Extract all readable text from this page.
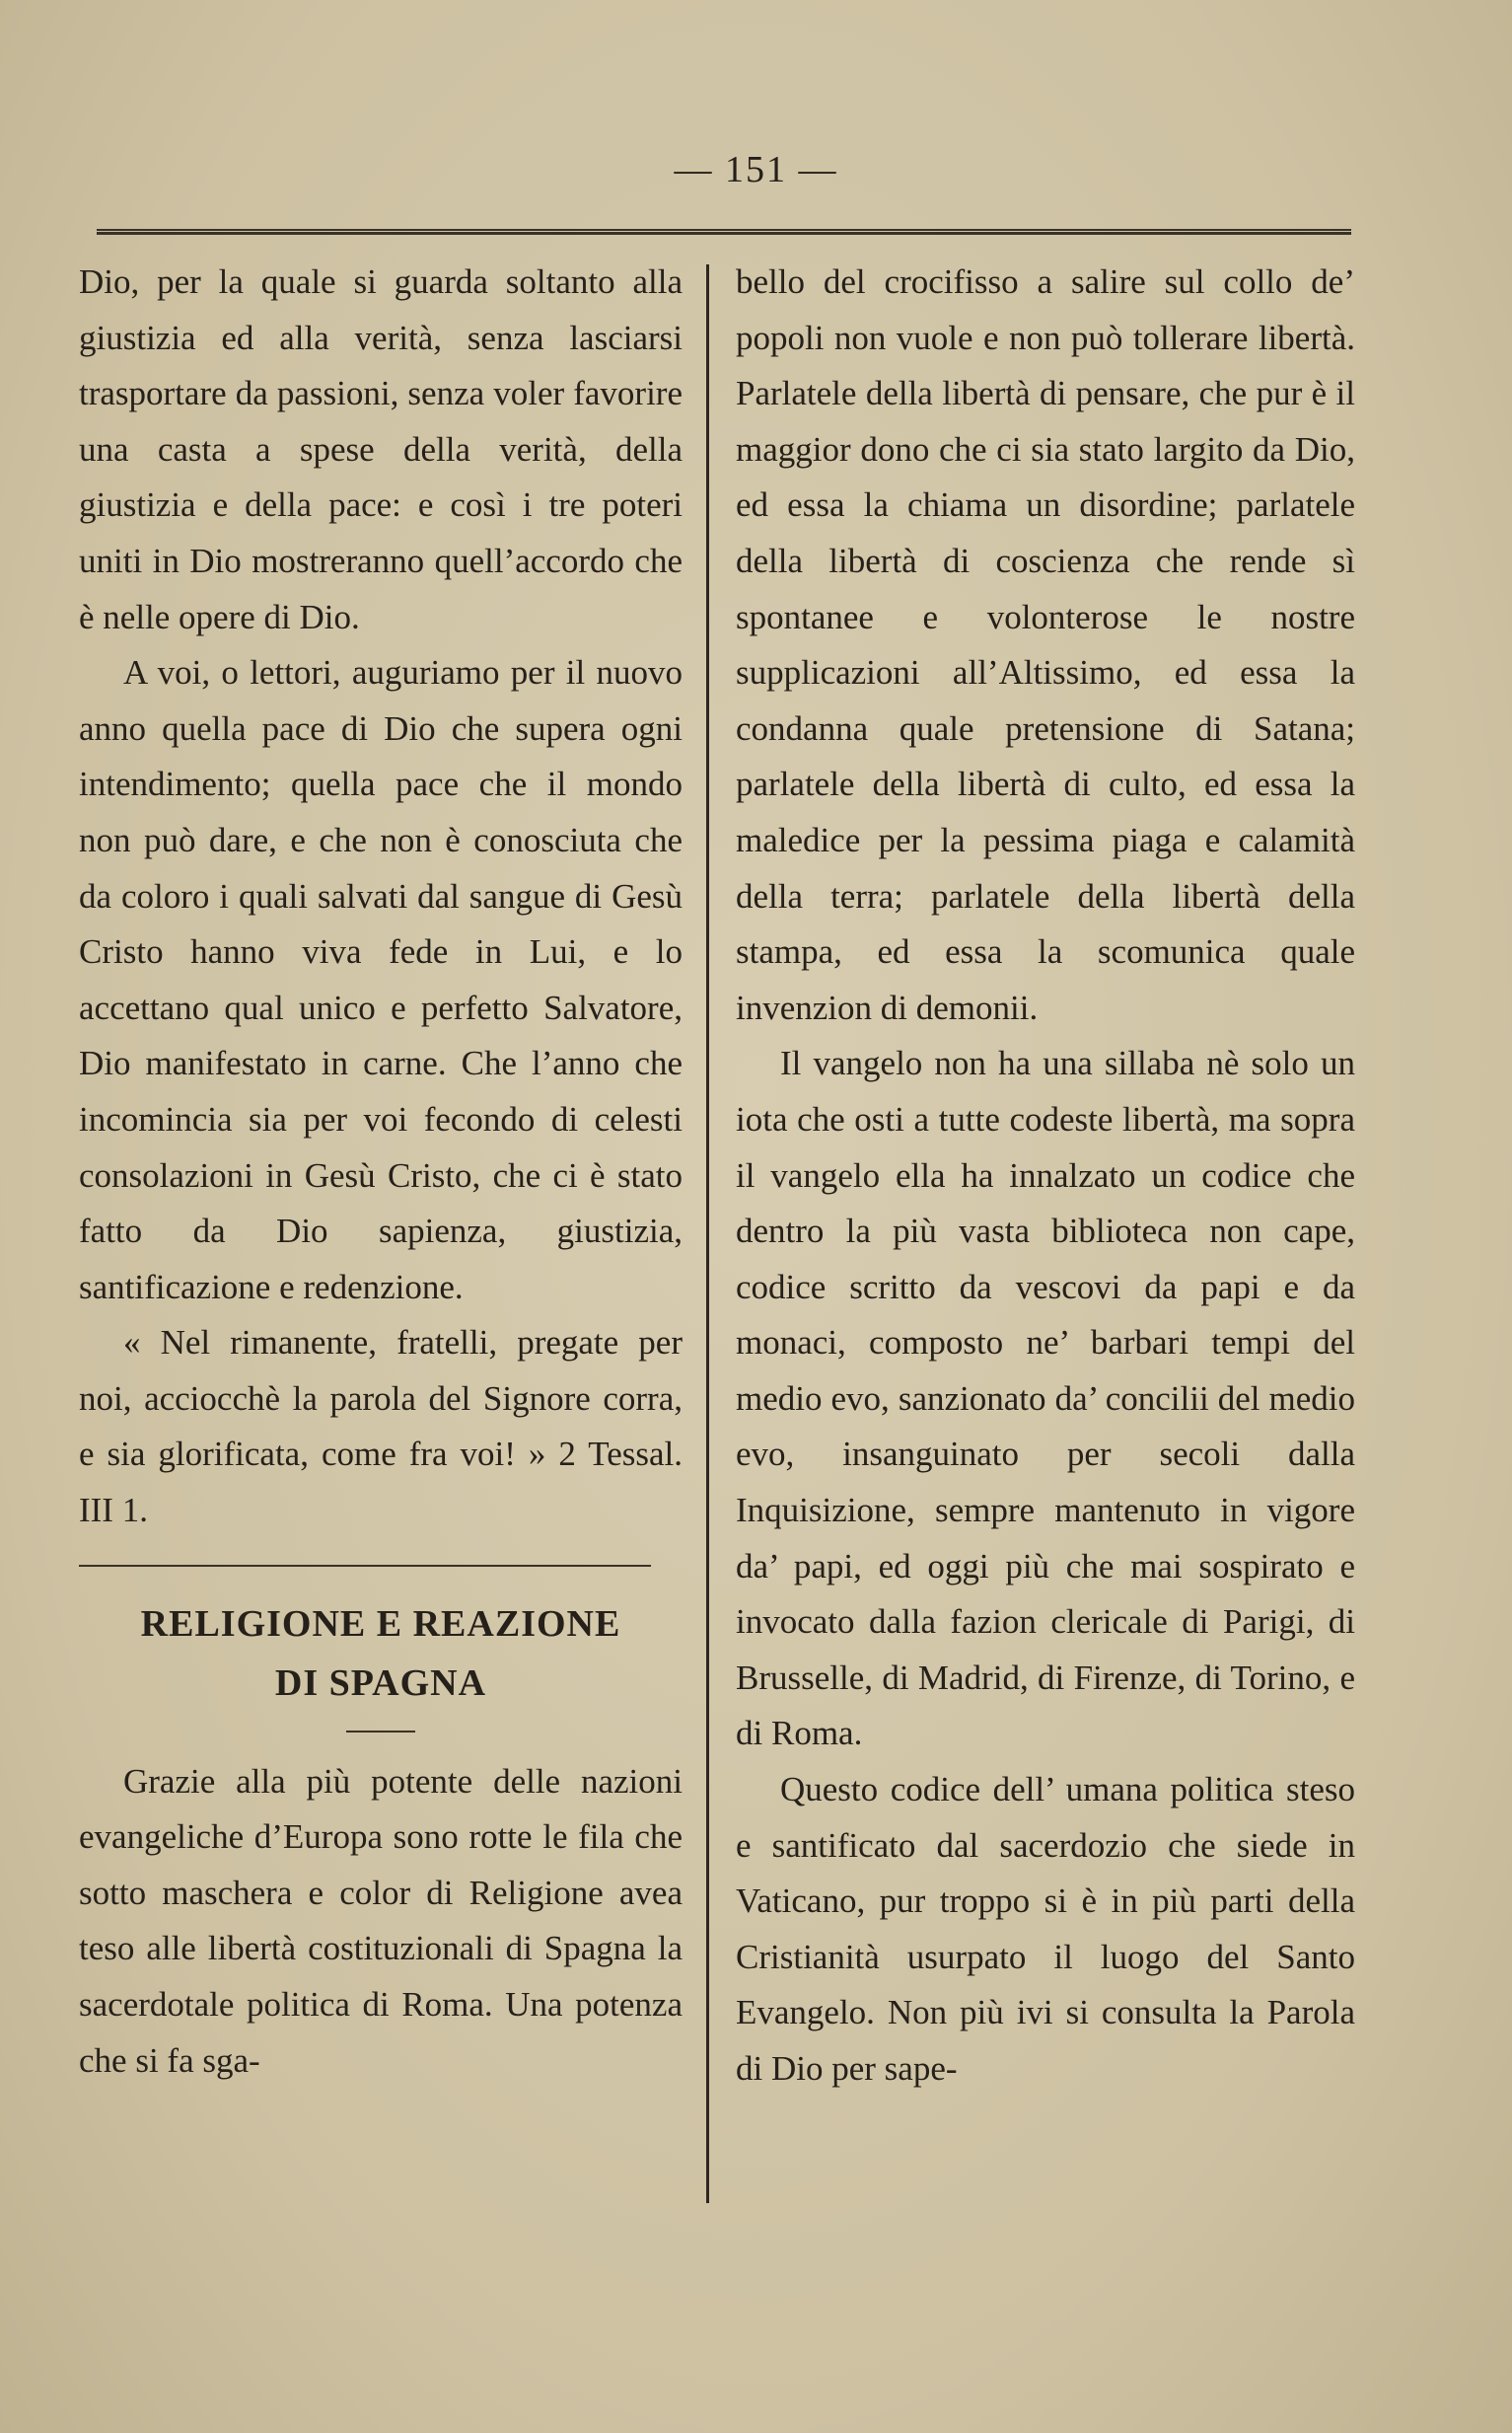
— 151 —

Dio, per la quale si guarda soltanto alla giustizia ed alla verità, senza lasciarsi trasportare da passioni, senza voler favorire una casta a spese della verità, della giustizia e della pace: e così i tre poteri uniti in Dio mostreranno quell’accordo che è nelle opere di Dio.

A voi, o lettori, auguriamo per il nuovo anno quella pace di Dio che supera ogni intendimento; quella pace che il mondo non può dare, e che non è conosciuta che da coloro i quali salvati dal sangue di Gesù Cristo hanno viva fede in Lui, e lo accettano qual unico e perfetto Salvatore, Dio manifestato in carne. Che l’anno che incomincia sia per voi fecondo di celesti consolazioni in Gesù Cristo, che ci è stato fatto da Dio sapienza, giustizia, santificazione e redenzione.

« Nel rimanente, fratelli, pregate per noi, acciocchè la parola del Signore corra, e sia glorificata, come fra voi! » 2 Tessal. III 1.

RELIGIONE E REAZIONE
DI SPAGNA

Grazie alla più potente delle nazioni evangeliche d’Europa sono rotte le fila che sotto maschera e color di Religione avea teso alle libertà costituzionali di Spagna la sacerdotale politica di Roma. Una potenza che si fa sga-

bello del crocifisso a salire sul collo de’ popoli non vuole e non può tollerare libertà. Parlatele della libertà di pensare, che pur è il maggior dono che ci sia stato largito da Dio, ed essa la chiama un disordine; parlatele della libertà di coscienza che rende sì spontanee e volonterose le nostre supplicazioni all’Altissimo, ed essa la condanna quale pretensione di Satana; parlatele della libertà di culto, ed essa la maledice per la pessima piaga e calamità della terra; parlatele della libertà della stampa, ed essa la scomunica quale invenzion di demonii.

Il vangelo non ha una sillaba nè solo un iota che osti a tutte codeste libertà, ma sopra il vangelo ella ha innalzato un codice che dentro la più vasta biblioteca non cape, codice scritto da vescovi da papi e da monaci, composto ne’ barbari tempi del medio evo, sanzionato da’ concilii del medio evo, insanguinato per secoli dalla Inquisizione, sempre mantenuto in vigore da’ papi, ed oggi più che mai sospirato e invocato dalla fazion clericale di Parigi, di Brusselle, di Madrid, di Firenze, di Torino, e di Roma.

Questo codice dell’ umana politica steso e santificato dal sacerdozio che siede in Vaticano, pur troppo si è in più parti della Cristianità usurpato il luogo del Santo Evangelo. Non più ivi si consulta la Parola di Dio per sape-
